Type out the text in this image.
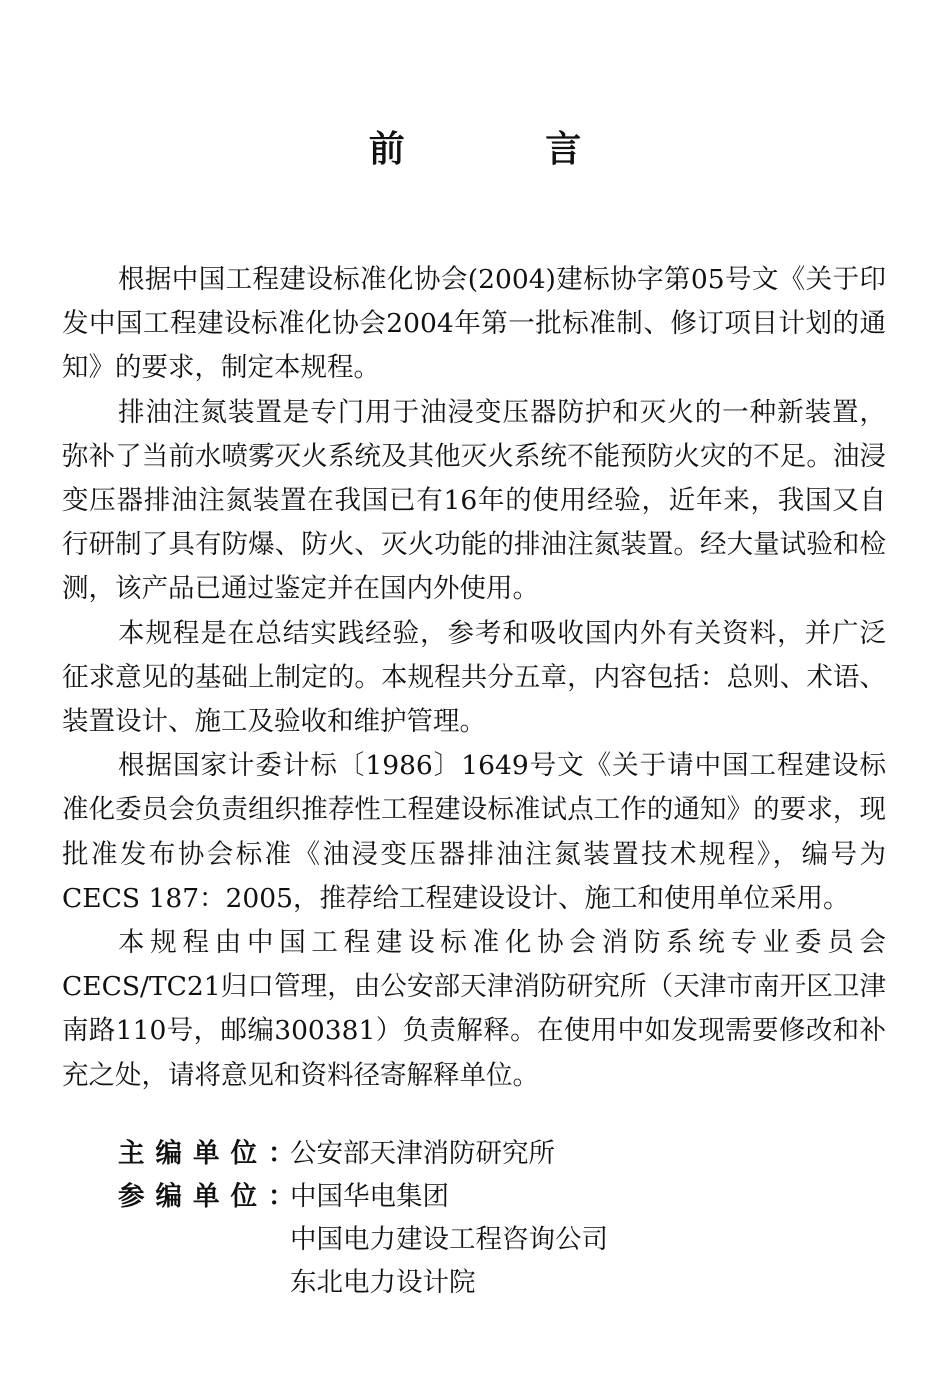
前 言

根据中国工程建设标准化协会(2004)建标协字第05号文《关于印发中国工程建设标准化协会2004年第一批标准制、修订项目计划的通知》的要求，制定本规程。

排油注氮装置是专门用于油浸变压器防护和灭火的一种新装置，弥补了当前水喷雾灭火系统及其他灭火系统不能预防火灾的不足。油浸变压器排油注氮装置在我国已有16年的使用经验，近年来，我国又自行研制了具有防爆、防火、灭火功能的排油注氮装置。经大量试验和检测，该产品已通过鉴定并在国内外使用。

本规程是在总结实践经验，参考和吸收国内外有关资料，并广泛征求意见的基础上制定的。本规程共分五章，内容包括：总则、术语、装置设计、施工及验收和维护管理。

根据国家计委计标〔1986〕1649号文《关于请中国工程建设标准化委员会负责组织推荐性工程建设标准试点工作的通知》的要求，现批准发布协会标准《油浸变压器排油注氮装置技术规程》，编号为CECS 187：2005，推荐给工程建设设计、施工和使用单位采用。

本规程由中国工程建设标准化协会消防系统专业委员会CECS/TC21归口管理，由公安部天津消防研究所（天津市南开区卫津南路110号，邮编300381）负责解释。在使用中如发现需要修改和补充之处，请将意见和资料径寄解释单位。

主编单位：
公安部天津消防研究所
参编单位：
中国华电集团
中国电力建设工程咨询公司
东北电力设计院
